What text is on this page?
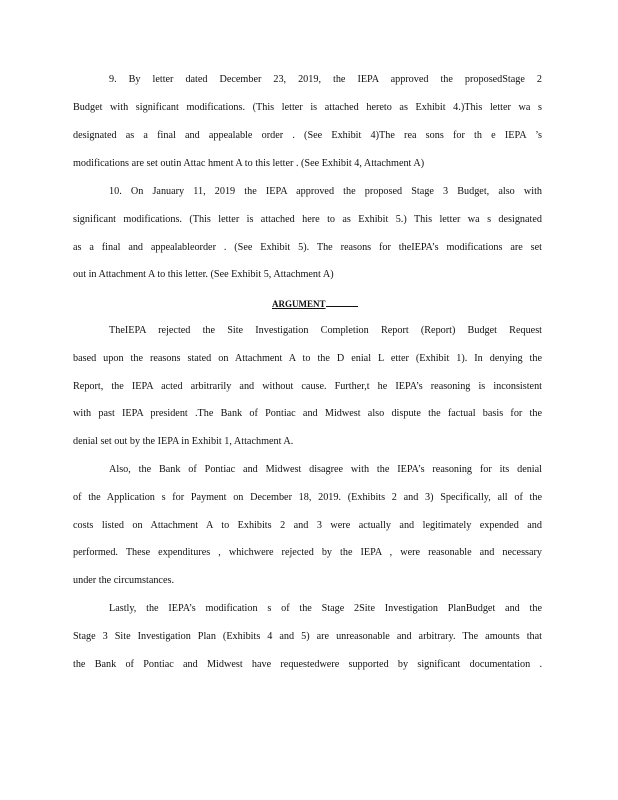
9. By letter dated December 23, 2019, the IEPA approved the proposedStage 2
Budget with significant modifications. (This letter is attached hereto as Exhibit 4.)This letter wa s
designated as a final and appealable order . (See Exhibit 4)The rea sons for th e IEPA ’s
modifications are set outin Attac hment A to this letter . (See Exhibit 4, Attachment A)
10. On January 11, 2019 the IEPA approved the proposed Stage 3 Budget, also with
significant modifications. (This letter is attached here to as Exhibit 5.) This letter wa s designated
as a final and appealableorder . (See Exhibit 5). The reasons for theIEPA’s modifications are set
out in Attachment A to this letter. (See Exhibit 5, Attachment A)
ARGUMENT
TheIEPA rejected the Site Investigation Completion Report (Report) Budget Request
based upon the reasons stated on Attachment A to the D enial L etter (Exhibit 1). In denying the
Report, the IEPA acted arbitrarily and without cause. Further,t he IEPA’s reasoning is inconsistent
with past IEPA president .The Bank of Pontiac and Midwest also dispute the factual basis for the
denial set out by the IEPA in Exhibit 1, Attachment A.
Also, the Bank of Pontiac and Midwest disagree with the IEPA’s reasoning for its denial
of the Application s for Payment on December 18, 2019. (Exhibits 2 and 3) Specifically, all of the
costs listed on Attachment A to Exhibits 2 and 3 were actually and legitimately expended and
performed. These expenditures , whichwere rejected by the IEPA , were reasonable and necessary
under the circumstances.
Lastly, the IEPA’s modification s of the Stage 2Site Investigation PlanBudget and the
Stage 3 Site Investigation Plan (Exhibits 4 and 5) are unreasonable and arbitrary. The amounts that
the Bank of Pontiac and Midwest have requestedwere supported by significant documentation .
